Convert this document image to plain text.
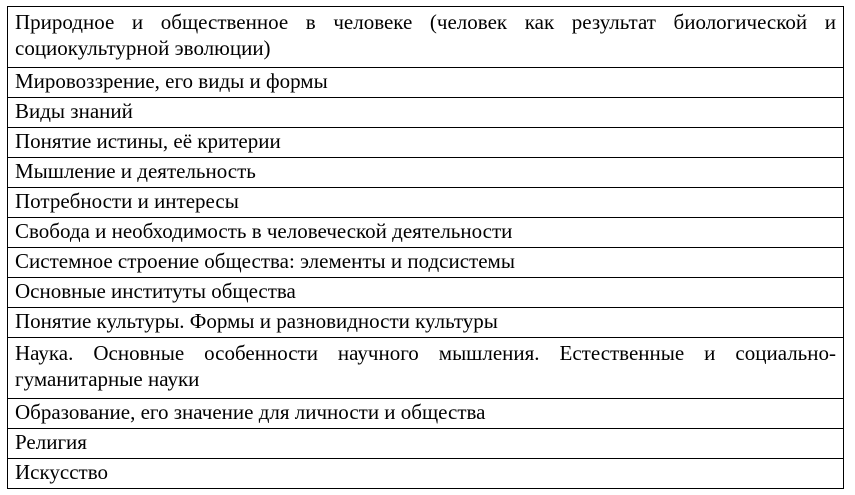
Природное и общественное в человеке (человек как результат биологической и социокультурной эволюции)

Мировоззрение, его виды и формы

Виды знаний

Понятие истины, её критерии

Мышление и деятельность

Потребности и интересы

Свобода и необходимость в человеческой деятельности

Системное строение общества: элементы и подсистемы

Основные институты общества

Понятие культуры. Формы и разновидности культуры

Наука. Основные особенности научного мышления. Естественные и социально-гуманитарные науки

Образование, его значение для личности и общества

Религия

Искусство
